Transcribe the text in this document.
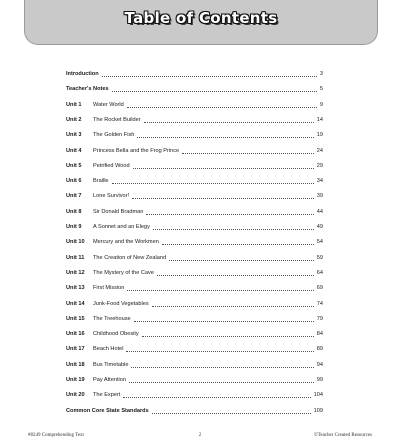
Table of Contents
Introduction	3
Teacher's Notes	5
Unit 1	Water World	9
Unit 2	The Rocket Builder	14
Unit 3	The Golden Fish	19
Unit 4	Princess Bella and the Frog Prince	24
Unit 5	Petrified Wood	29
Unit 6	Braille	34
Unit 7	Lone Survivor!	39
Unit 8	Sir Donald Bradman	44
Unit 9	A Sonnet and an Elegy	49
Unit 10	Mercury and the Workmen	54
Unit 11	The Creation of New Zealand	59
Unit 12	The Mystery of the Cave	64
Unit 13	First Mission	69
Unit 14	Junk-Food Vegetables	74
Unit 15	The Treehouse	79
Unit 16	Childhood Obesity	84
Unit 17	Beach Hotel	89
Unit 18	Bus Timetable	94
Unit 19	Pay Attention	99
Unit 20	The Expert	104
Common Core State Standards	109
#8249 Comprehending Text	2	©Teacher Created Resources
